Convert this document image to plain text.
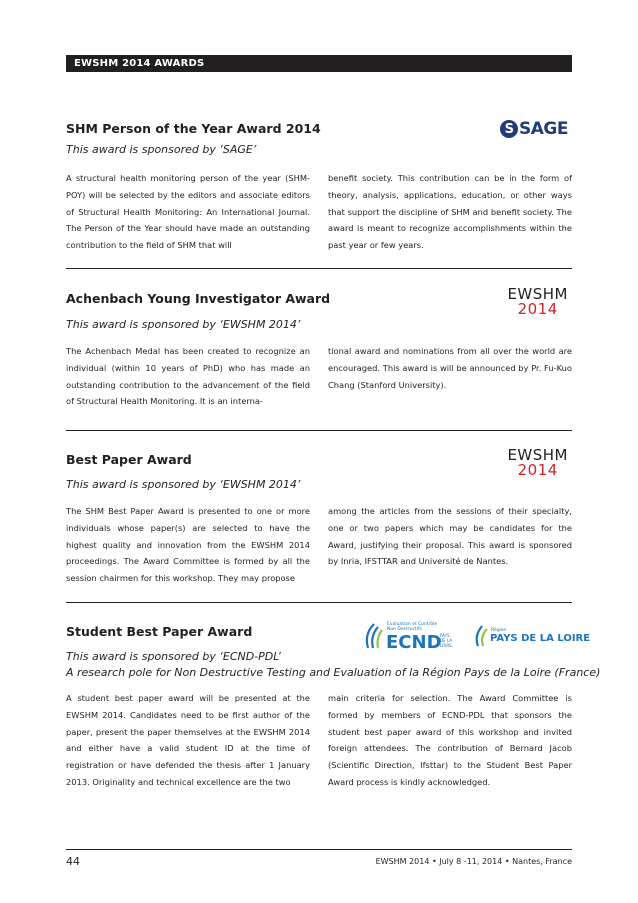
EWSHM 2014 AWARDS
SHM Person of the Year Award 2014
This award is sponsored by ‘SAGE’
S SAGE
A structural health monitoring person of the year (SHM-POY) will be selected by the editors and associate editors of Structural Health Monitoring: An International Journal. The Person of the Year should have made an outstanding contribution to the field of SHM that will
benefit society. This contribution can be in the form of theory, analysis, applications, education, or other ways that support the discipline of SHM and benefit society. The award is meant to recognize accomplishments within the past year or few years.
Achenbach Young Investigator Award
This award is sponsored by ‘EWSHM 2014’
EWSHM
2014
The Achenbach Medal has been created to recognize an individual (within 10 years of PhD) who has made an outstanding contribution to the advancement of the field of Structural Health Monitoring. It is an interna-
tional award and nominations from all over the world are encouraged. This award is will be announced by Pr. Fu-Kuo Chang (Stanford University).
Best Paper Award
This award is sponsored by ‘EWSHM 2014’
EWSHM
2014
The SHM Best Paper Award is presented to one or more individuals whose paper(s) are selected to have the highest quality and innovation from the EWSHM 2014 proceedings. The Award Committee is formed by all the session chairmen for this workshop. They may propose
among the articles from the sessions of their specialty, one or two papers which may be candidates for the Award, justifying their proposal. This award is sponsored by Inria, IFSTTAR and Université de Nantes.
Student Best Paper Award
This award is sponsored by ‘ECND-PDL’
A research pole for Non Destructive Testing and Evaluation of la Région Pays de la Loire (France)
Evaluation et Contrôle
Non Destructifs
ECND
PAYS
DE LA
LOIRE
Région
PAYS DE LA LOIRE
A student best paper award will be presented at the EWSHM 2014. Candidates need to be first author of the paper, present the paper themselves at the EWSHM 2014 and either have a valid student ID at the time of registration or have defended the thesis after 1 January 2013. Originality and technical excellence are the two
main criteria for selection. The Award Committee is formed by members of ECND-PDL that sponsors the student best paper award of this workshop and invited foreign attendees. The contribution of Bernard Jacob (Scientific Direction, Ifsttar) to the Student Best Paper Award process is kindly acknowledged.
44	EWSHM 2014 • July 8 -11, 2014 • Nantes, France
